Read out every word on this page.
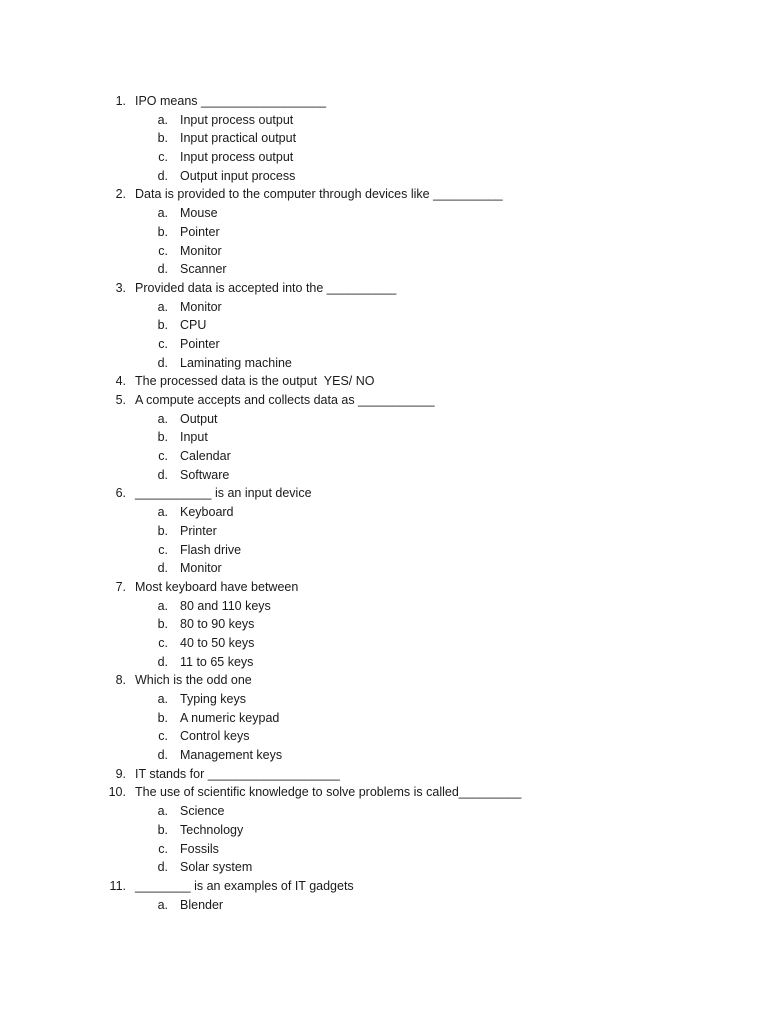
1. IPO means __________________
a. Input process output
b. Input practical output
c. Input process output
d. Output input process
2. Data is provided to the computer through devices like __________
a. Mouse
b. Pointer
c. Monitor
d. Scanner
3. Provided data is accepted into the __________
a. Monitor
b. CPU
c. Pointer
d. Laminating machine
4. The processed data is the output  YES/ NO
5. A compute accepts and collects data as ___________
a. Output
b. Input
c. Calendar
d. Software
6. ___________ is an input device
a. Keyboard
b. Printer
c. Flash drive
d. Monitor
7. Most keyboard have between
a. 80 and 110 keys
b. 80 to 90 keys
c. 40 to 50 keys
d. 11 to 65 keys
8. Which is the odd one
a. Typing keys
b. A numeric keypad
c. Control keys
d. Management keys
9. IT stands for ___________________
10. The use of scientific knowledge to solve problems is called_________
a. Science
b. Technology
c. Fossils
d. Solar system
11. ________ is an examples of IT gadgets
a. Blender
